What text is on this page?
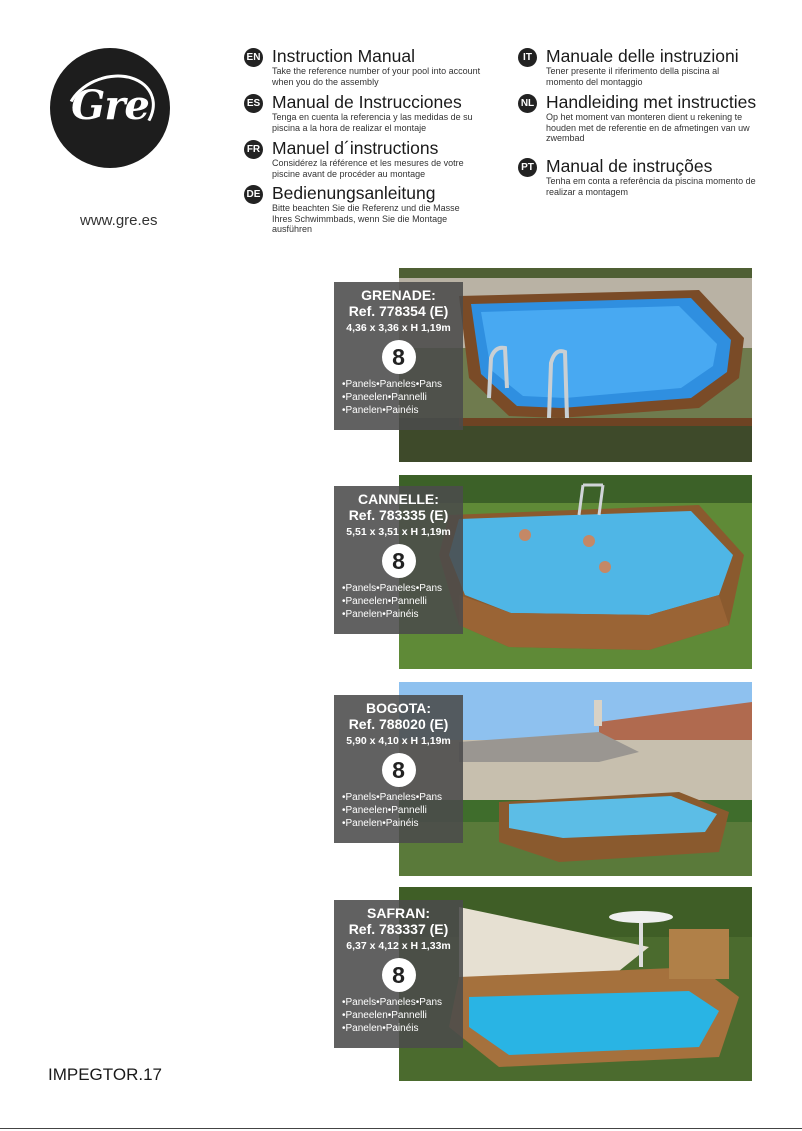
Gre
www.gre.es
EN Instruction Manual
Take the reference number of your pool into account when you do the assembly
ES Manual de Instrucciones
Tenga en cuenta la referencia y las medidas de su piscina a la hora de realizar el montaje
FR Manuel d´instructions
Considérez la référence et les mesures de votre piscine avant de procéder au montage
DE Bedienungsanleitung
Bitte beachten Sie die Referenz und die Masse Ihres Schwimmbads, wenn Sie die Montage ausführen
IT Manuale delle instruzioni
Tener presente il riferimento della piscina al momento del montaggio
NL Handleiding met instructies
Op het moment van monteren dient u rekening te houden met de referentie en de afmetingen van uw zwembad
PT Manual de instruções
Tenha em conta a referência da piscina momento de realizar a montagem
GRENADE:
Ref. 778354 (E)
4,36 x 3,36 x H 1,19m
8
•Panels•Paneles•Pans
•Paneelen•Pannelli
•Panelen•Painéis
CANNELLE:
Ref. 783335 (E)
5,51 x 3,51 x H 1,19m
8
•Panels•Paneles•Pans
•Paneelen•Pannelli
•Panelen•Painéis
BOGOTA:
Ref. 788020 (E)
5,90 x 4,10 x H 1,19m
8
•Panels•Paneles•Pans
•Paneelen•Pannelli
•Panelen•Painéis
SAFRAN:
Ref. 783337 (E)
6,37 x 4,12 x H 1,33m
8
•Panels•Paneles•Pans
•Paneelen•Pannelli
•Panelen•Painéis
IMPEGTOR.17
